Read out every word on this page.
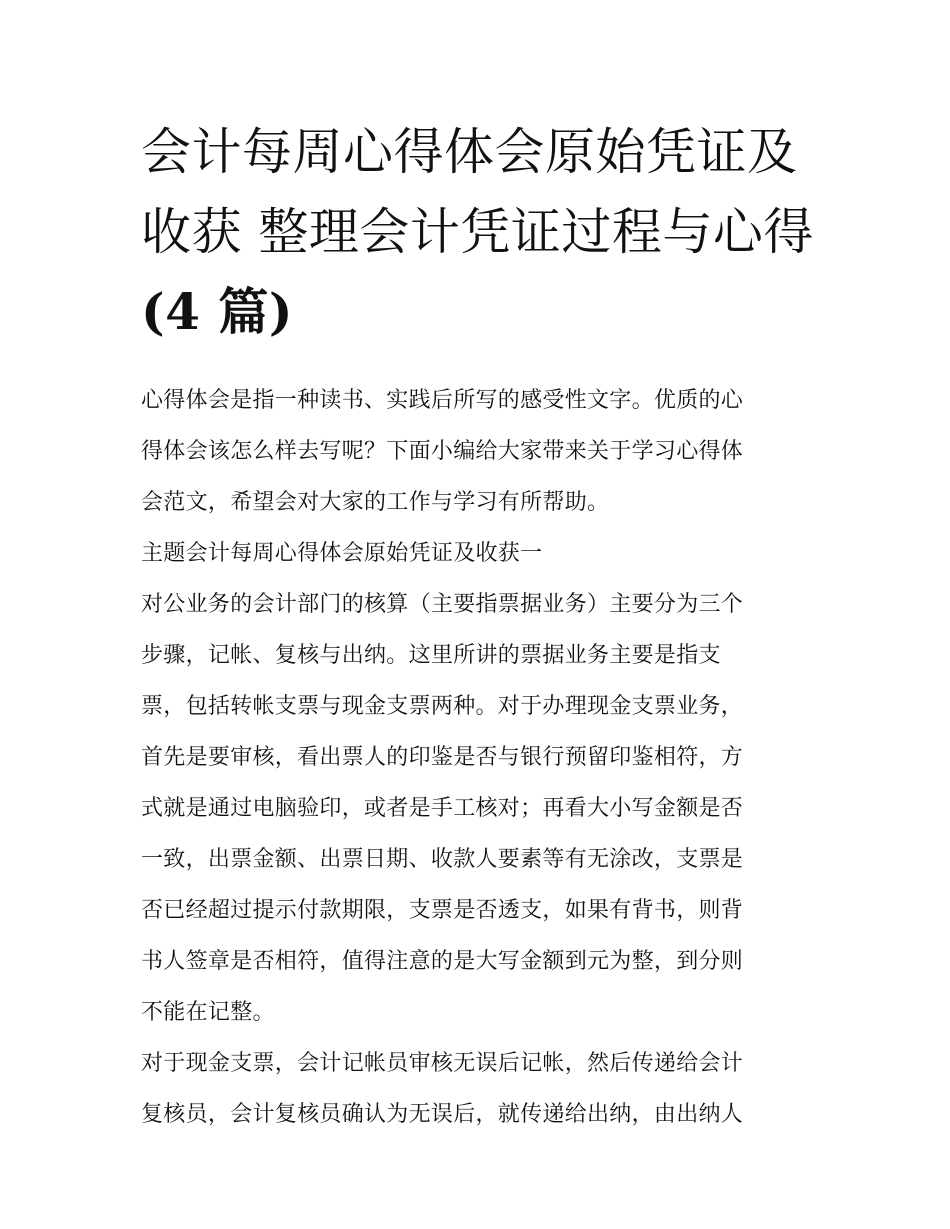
会计每周心得体会原始凭证及
收获 整理会计凭证过程与心得
(4 篇)

心得体会是指一种读书、实践后所写的感受性文字。优质的心
得体会该怎么样去写呢？下面小编给大家带来关于学习心得体
会范文，希望会对大家的工作与学习有所帮助。

主题会计每周心得体会原始凭证及收获一

对公业务的会计部门的核算（主要指票据业务）主要分为三个
步骤，记帐、复核与出纳。这里所讲的票据业务主要是指支
票，包括转帐支票与现金支票两种。对于办理现金支票业务，
首先是要审核，看出票人的印鉴是否与银行预留印鉴相符，方
式就是通过电脑验印，或者是手工核对；再看大小写金额是否
一致，出票金额、出票日期、收款人要素等有无涂改，支票是
否已经超过提示付款期限，支票是否透支，如果有背书，则背
书人签章是否相符，值得注意的是大写金额到元为整，到分则
不能在记整。

对于现金支票，会计记帐员审核无误后记帐，然后传递给会计
复核员，会计复核员确认为无误后，就传递给出纳，由出纳人
